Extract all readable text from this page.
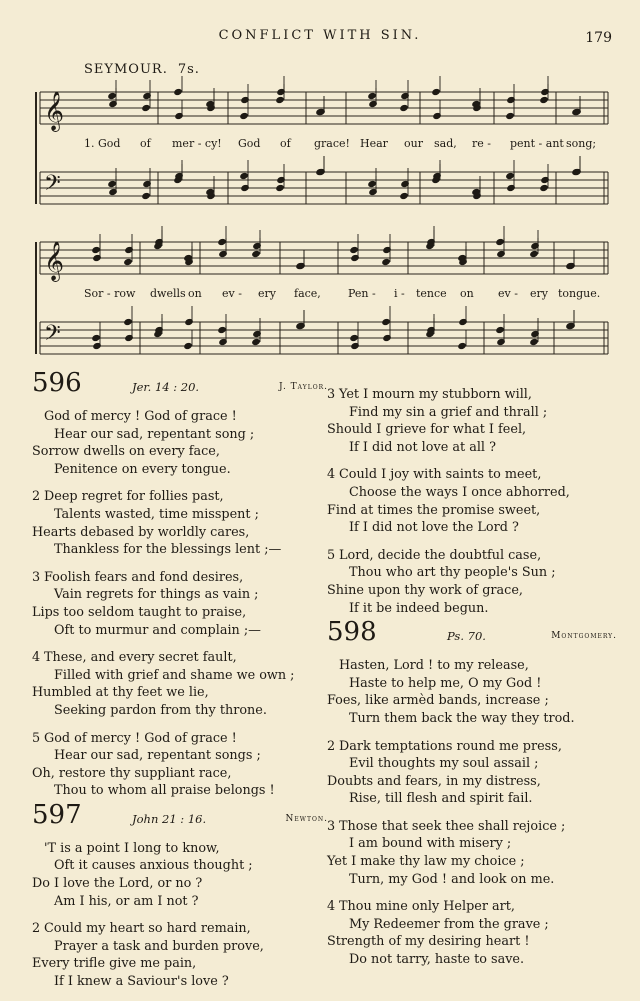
CONFLICT WITH SIN.	179
SEYMOUR. 7s.
𝄞
𝄢
𝄞
𝄢
1. God of mer - cy! God of grace! Hear our sad, re - pent - ant song;
Sor - row dwells on ev - ery face, Pen - i - tence on ev - ery tongue.
596	Jer. 14 : 20.	J. Taylor.
God of mercy ! God of grace !
Hear our sad, repentant song ;
Sorrow dwells on every face,
Penitence on every tongue.
2 Deep regret for follies past,
Talents wasted, time misspent ;
Hearts debased by worldly cares,
Thankless for the blessings lent ;—
3 Foolish fears and fond desires,
Vain regrets for things as vain ;
Lips too seldom taught to praise,
Oft to murmur and complain ;—
4 These, and every secret fault,
Filled with grief and shame we own ;
Humbled at thy feet we lie,
Seeking pardon from thy throne.
5 God of mercy ! God of grace !
Hear our sad, repentant songs ;
Oh, restore thy suppliant race,
Thou to whom all praise belongs !
597	John 21 : 16.	Newton.
'T is a point I long to know,
Oft it causes anxious thought ;
Do I love the Lord, or no ?
Am I his, or am I not ?
2 Could my heart so hard remain,
Prayer a task and burden prove,
Every trifle give me pain,
If I knew a Saviour's love ?
3 Yet I mourn my stubborn will,
Find my sin a grief and thrall ;
Should I grieve for what I feel,
If I did not love at all ?
4 Could I joy with saints to meet,
Choose the ways I once abhorred,
Find at times the promise sweet,
If I did not love the Lord ?
5 Lord, decide the doubtful case,
Thou who art thy people's Sun ;
Shine upon thy work of grace,
If it be indeed begun.
598	Ps. 70.	Montgomery.
Hasten, Lord ! to my release,
Haste to help me, O my God !
Foes, like armèd bands, increase ;
Turn them back the way they trod.
2 Dark temptations round me press,
Evil thoughts my soul assail ;
Doubts and fears, in my distress,
Rise, till flesh and spirit fail.
3 Those that seek thee shall rejoice ;
I am bound with misery ;
Yet I make thy law my choice ;
Turn, my God ! and look on me.
4 Thou mine only Helper art,
My Redeemer from the grave ;
Strength of my desiring heart !
Do not tarry, haste to save.
